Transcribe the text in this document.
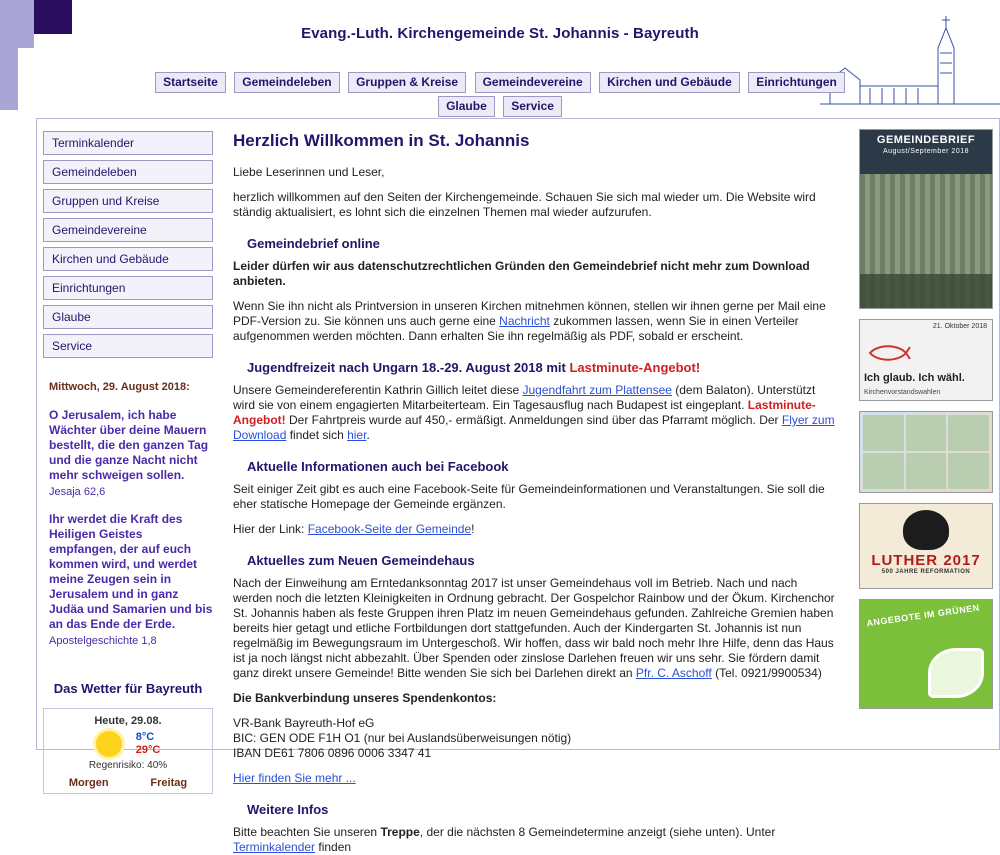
Evang.-Luth. Kirchengemeinde St. Johannis - Bayreuth
Startseite Gemeindeleben Gruppen & Kreise Gemeindevereine Kirchen und Gebäude Einrichtungen
Glaube Service
Terminkalender
Gemeindeleben
Gruppen und Kreise
Gemeindevereine
Kirchen und Gebäude
Einrichtungen
Glaube
Service
Mittwoch, 29. August 2018:
O Jerusalem, ich habe Wächter über deine Mauern bestellt, die den ganzen Tag und die ganze Nacht nicht mehr schweigen sollen.
Jesaja 62,6
Ihr werdet die Kraft des Heiligen Geistes empfangen, der auf euch kommen wird, und werdet meine Zeugen sein in Jerusalem und in ganz Judäa und Samarien und bis an das Ende der Erde.
Apostelgeschichte 1,8
Das Wetter für Bayreuth
Heute, 29.08.
8°C
29°C
Regenrisiko: 40%
Morgen	Freitag
Herzlich Willkommen in St. Johannis

Liebe Leserinnen und Leser,

herzlich willkommen auf den Seiten der Kirchengemeinde. Schauen Sie sich mal wieder um. Die Website wird ständig aktualisiert, es lohnt sich die einzelnen Themen mal wieder aufzurufen.

Gemeindebrief online

Leider dürfen wir aus datenschutzrechtlichen Gründen den Gemeindebrief nicht mehr zum Download anbieten.

Wenn Sie ihn nicht als Printversion in unseren Kirchen mitnehmen können, stellen wir ihnen gerne per Mail eine PDF-Version zu. Sie können uns auch gerne eine Nachricht zukommen lassen, wenn Sie in einen Verteiler aufgenommen werden möchten. Dann erhalten Sie ihn regelmäßig als PDF, sobald er erscheint.

Jugendfreizeit nach Ungarn 18.-29. August 2018 mit Lastminute-Angebot!

Unsere Gemeindereferentin Kathrin Gillich leitet diese Jugendfahrt zum Plattensee (dem Balaton). Unterstützt wird sie von einem engagierten Mitarbeiterteam. Ein Tagesausflug nach Budapest ist eingeplant. Lastminute-Angebot! Der Fahrtpreis wurde auf 450,- ermäßigt. Anmeldungen sind über das Pfarramt möglich. Der Flyer zum Download findet sich hier.

Aktuelle Informationen auch bei Facebook

Seit einiger Zeit gibt es auch eine Facebook-Seite für Gemeindeinformationen und Veranstaltungen. Sie soll die eher statische Homepage der Gemeinde ergänzen.

Hier der Link: Facebook-Seite der Gemeinde!

Aktuelles zum Neuen Gemeindehaus

Nach der Einweihung am Erntedanksonntag 2017 ist unser Gemeindehaus voll im Betrieb. Nach und nach werden noch die letzten Kleinigkeiten in Ordnung gebracht. Der Gospelchor Rainbow und der Ökum. Kirchenchor St. Johannis haben als feste Gruppen ihren Platz im neuen Gemeindehaus gefunden. Zahlreiche Gremien haben bereits hier getagt und etliche Fortbildungen dort stattgefunden. Auch der Kindergarten St. Johannis ist nun regelmäßig im Bewegungsraum im Untergeschoß. Wir hoffen, dass wir bald noch mehr Ihre Hilfe, denn das Haus ist ja noch längst nicht abbezahlt. Über Spenden oder zinslose Darlehen freuen wir uns sehr. Sie fördern damit ganz direkt unsere Gemeinde! Bitte wenden Sie sich bei Darlehen direkt an Pfr. C. Aschoff (Tel. 0921/9900534)

Die Bankverbindung unseres Spendenkontos:

VR-Bank Bayreuth-Hof eG
BIC: GEN ODE F1H O1 (nur bei Auslandsüberweisungen nötig)
IBAN DE61 7806 0896 0006 3347 41

Hier finden Sie mehr ...

Weitere Infos

Bitte beachten Sie unseren Treppe, der die nächsten 8 Gemeindetermine anzeigt (siehe unten). Unter Terminkalender finden

GEMEINDEBRIEF
August/September 2018
21. Oktober 2018
Ich glaub. Ich wähl.
Kirchenvorstandswahlen
LUTHER 2017
500 JAHRE REFORMATION
ANGEBOTE IM GRÜNEN
